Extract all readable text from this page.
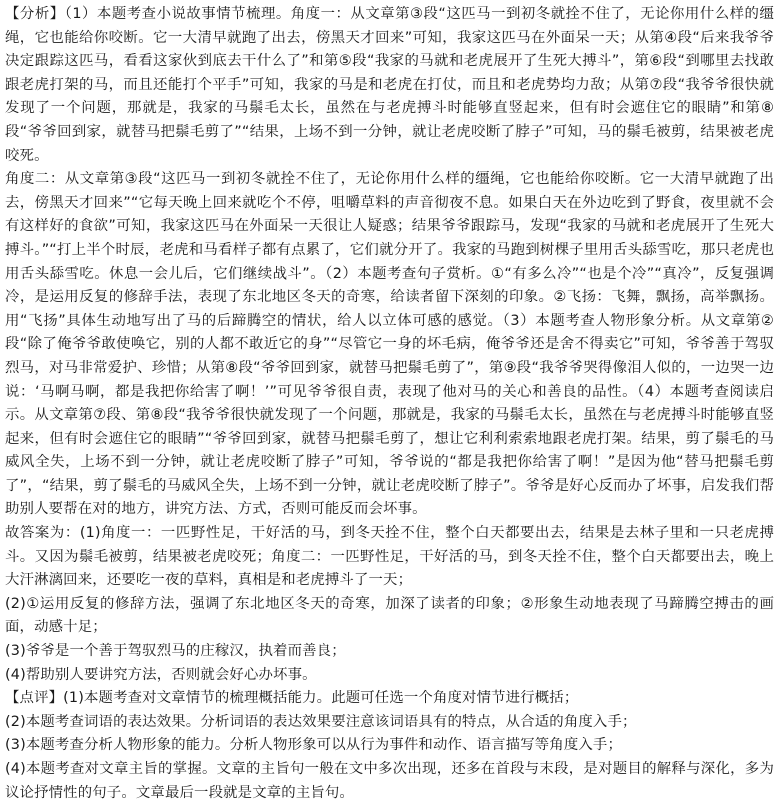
【分析】（1）本题考查小说故事情节梳理。角度一：从文章第③段“这匹马一到初冬就拴不住了，无论你用什么样的缰绳，它也能给你咬断。它一大清早就跑了出去，傍黑天才回来”可知，我家这匹马在外面呆一天；从第④段“后来我爷爷决定跟踪这匹马，看看这家伙到底去干什么了”和第⑤段“我家的马就和老虎展开了生死大搏斗”，第⑥段“到哪里去找敢跟老虎打架的马，而且还能打个平手”可知，我家的马是和老虎在打仗，而且和老虎势均力敌；从第⑦段“我爷爷很快就发现了一个问题，那就是，我家的马鬃毛太长，虽然在与老虎搏斗时能够直竖起来，但有时会遮住它的眼睛”和第⑧段“爷爷回到家，就替马把鬃毛剪了”“结果，上场不到一分钟，就让老虎咬断了脖子”可知，马的鬃毛被剪，结果被老虎咬死。

角度二：从文章第③段“这匹马一到初冬就拴不住了，无论你用什么样的缰绳，它也能给你咬断。它一大清早就跑了出去，傍黑天才回来”“它每天晚上回来就吃个不停，咀嚼草料的声音彻夜不息。如果白天在外边吃到了野食，夜里就不会有这样好的食欲”可知，我家这匹马在外面呆一天很让人疑惑；结果爷爷跟踪马，发现“我家的马就和老虎展开了生死大搏斗。”“打上半个时辰，老虎和马看样子都有点累了，它们就分开了。我家的马跑到树棵子里用舌头舔雪吃，那只老虎也用舌头舔雪吃。休息一会儿后，它们继续战斗”。（2）本题考查句子赏析。①“有多么冷”“也是个冷”“真冷”，反复强调冷，是运用反复的修辞手法，表现了东北地区冬天的奇寒，给读者留下深刻的印象。②飞扬：飞舞，飘扬，高举飘扬。用“飞扬”具体生动地写出了马的后蹄腾空的情状，给人以立体可感的感觉。（3）本题考查人物形象分析。从文章第②段“除了俺爷爷敢使唤它，别的人都不敢近它的身”“尽管它一身的坏毛病，俺爷爷还是舍不得卖它”可知，爷爷善于驾驭烈马，对马非常爱护、珍惜；从第⑧段“爷爷回到家，就替马把鬃毛剪了”，第⑨段“我爷爷哭得像泪人似的，一边哭一边说：‘马啊马啊，都是我把你给害了啊！’”可见爷爷很自责，表现了他对马的关心和善良的品性。（4）本题考查阅读启示。从文章第⑦段、第⑧段“我爷爷很快就发现了一个问题，那就是，我家的马鬃毛太长，虽然在与老虎搏斗时能够直竖起来，但有时会遮住它的眼睛”“爷爷回到家，就替马把鬃毛剪了，想让它利利索索地跟老虎打架。结果，剪了鬃毛的马威风全失，上场不到一分钟，就让老虎咬断了脖子”可知，爷爷说的“都是我把你给害了啊！”是因为他“替马把鬃毛剪了”，“结果，剪了鬃毛的马威风全失，上场不到一分钟，就让老虎咬断了脖子”。爷爷是好心反而办了坏事，启发我们帮助别人要帮在对的地方，讲究方法、方式，否则可能反而会坏事。

故答案为：(1)角度一：一匹野性足，干好活的马，到冬天拴不住，整个白天都要出去，结果是去林子里和一只老虎搏斗。又因为鬃毛被剪，结果被老虎咬死；角度二：一匹野性足，干好活的马，到冬天拴不住，整个白天都要出去，晚上大汗淋漓回来，还要吃一夜的草料，真相是和老虎搏斗了一天；

(2)①运用反复的修辞方法，强调了东北地区冬天的奇寒，加深了读者的印象；②形象生动地表现了马蹄腾空搏击的画面，动感十足；

(3)爷爷是一个善于驾驭烈马的庄稼汉，执着而善良；

(4)帮助别人要讲究方法，否则就会好心办坏事。

【点评】(1)本题考查对文章情节的梳理概括能力。此题可任选一个角度对情节进行概括；

(2)本题考查词语的表达效果。分析词语的表达效果要注意该词语具有的特点，从合适的角度入手；

(3)本题考查分析人物形象的能力。分析人物形象可以从行为事件和动作、语言描写等角度入手；

(4)本题考查对文章主旨的掌握。文章的主旨句一般在文中多次出现，还多在首段与末段，是对题目的解释与深化，多为议论抒情性的句子。文章最后一段就是文章的主旨句。
